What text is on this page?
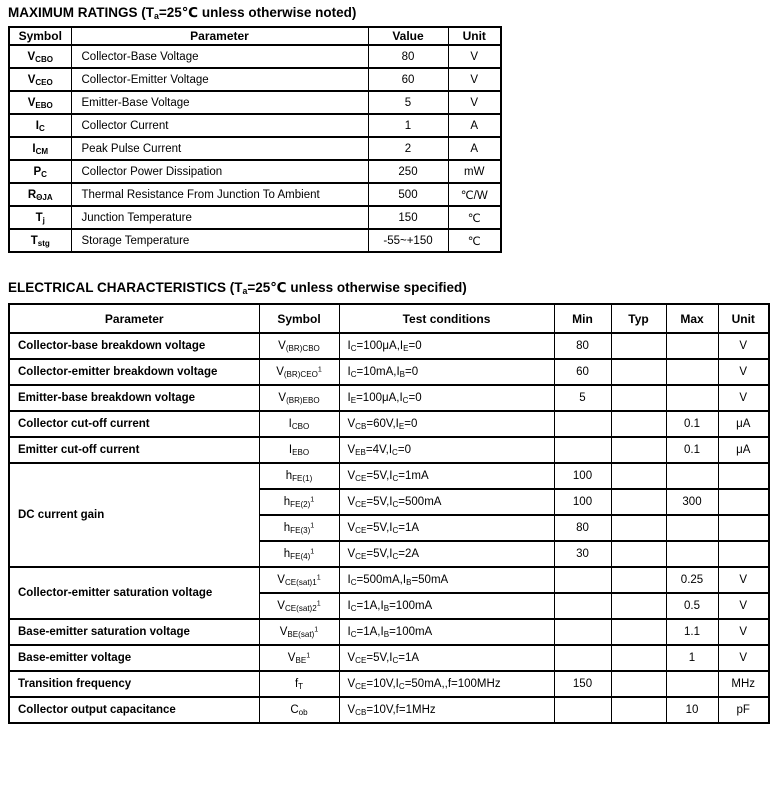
MAXIMUM RATINGS ($T_a=25℃$ unless otherwise noted)
Symbol	Parameter	Value	Unit
$V_{CBO}$	Collector-Base Voltage	80	V
$V_{CEO}$	Collector-Emitter Voltage	60	V
$V_{EBO}$	Emitter-Base Voltage	5	V
$I_C$	Collector Current	1	A
$I_{CM}$	Peak Pulse Current	2	A
$P_C$	Collector Power Dissipation	250	mW
$R_{\Theta JA}$	Thermal Resistance From Junction To Ambient	500	℃/W
$T_j$	Junction Temperature	150	℃
$T_{stg}$	Storage Temperature	-55~+150	℃
ELECTRICAL CHARACTERISTICS ($T_a=25℃$ unless otherwise specified)
Parameter	Symbol	Test conditions	Min	Typ	Max	Unit
Collector-base breakdown voltage	$V_{(BR)CBO}$	$I_C=100\mu A,I_E=0$	80			V
Collector-emitter breakdown voltage	$V_{(BR)CEO}^1$	$I_C=10mA,I_B=0$	60			V
Emitter-base breakdown voltage	$V_{(BR)EBO}$	$I_E=100\mu A,I_C=0$	5			V
Collector cut-off current	$I_{CBO}$	$V_{CB}=60V,I_E=0$			0.1	μA
Emitter cut-off current	$I_{EBO}$	$V_{EB}=4V,I_C=0$			0.1	μA
DC current gain	$h_{FE(1)}$	$V_{CE}=5V,I_C=1mA$	100			
	$h_{FE(2)}^1$	$V_{CE}=5V,I_C=500mA$	100		300	
	$h_{FE(3)}^1$	$V_{CE}=5V,I_C=1A$	80			
	$h_{FE(4)}^1$	$V_{CE}=5V,I_C=2A$	30			
Collector-emitter saturation voltage	$V_{CE(sat)1}^1$	$I_C=500mA,I_B=50mA$			0.25	V
	$V_{CE(sat)2}^1$	$I_C=1A,I_B=100mA$			0.5	V
Base-emitter saturation voltage	$V_{BE(sat)}^1$	$I_C=1A,I_B=100mA$			1.1	V
Base-emitter voltage	$V_{BE}^1$	$V_{CE}=5V,I_C=1A$			1	V
Transition frequency	$f_T$	$V_{CE}=10V,I_C=50mA,,f=100MHz$	150			MHz
Collector output capacitance	$C_{ob}$	$V_{CB}=10V,f=1MHz$			10	pF
